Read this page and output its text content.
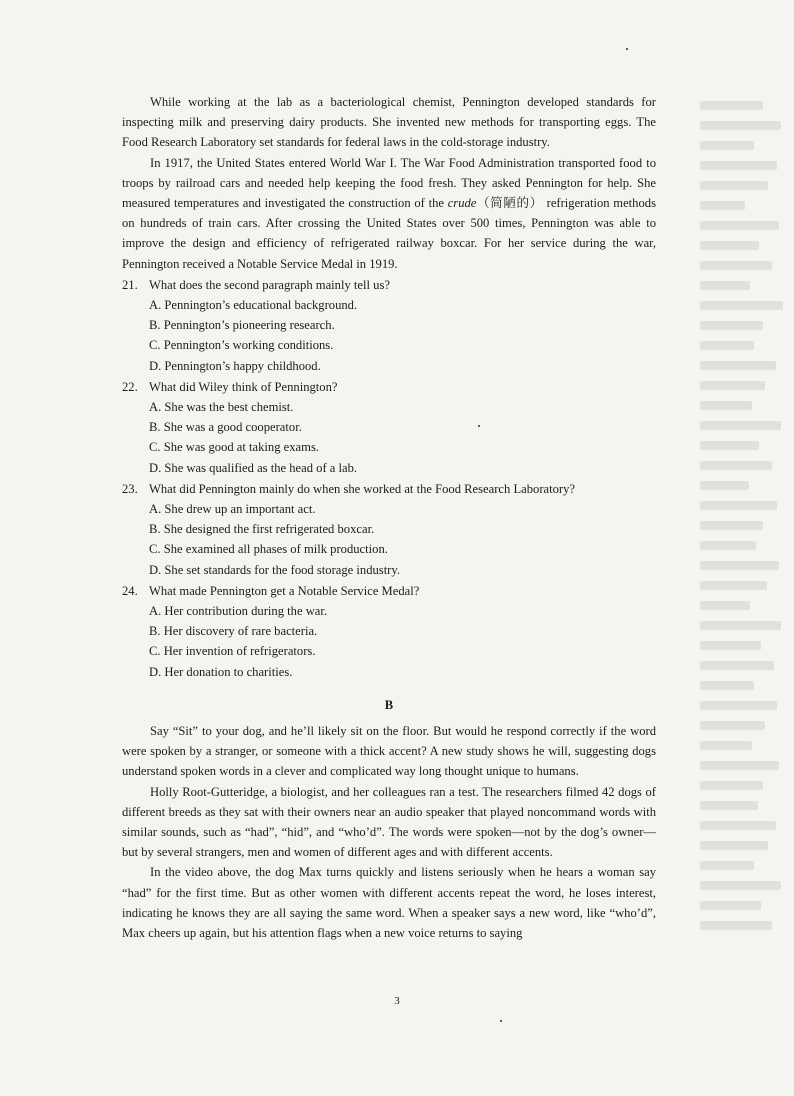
While working at the lab as a bacteriological chemist, Pennington developed standards for inspecting milk and preserving dairy products. She invented new methods for transporting eggs. The Food Research Laboratory set standards for federal laws in the cold-storage industry.

In 1917, the United States entered World War I. The War Food Administration transported food to troops by railroad cars and needed help keeping the food fresh. They asked Pennington for help. She measured temperatures and investigated the construction of the crude（简陋的） refrigeration methods on hundreds of train cars. After crossing the United States over 500 times, Pennington was able to improve the design and efficiency of refrigerated railway boxcar. For her service during the war, Pennington received a Notable Service Medal in 1919.

21. What does the second paragraph mainly tell us?
A. Pennington’s educational background.
B. Pennington’s pioneering research.
C. Pennington’s working conditions.
D. Pennington’s happy childhood.
22. What did Wiley think of Pennington?
A. She was the best chemist.
B. She was a good cooperator.
C. She was good at taking exams.
D. She was qualified as the head of a lab.
23. What did Pennington mainly do when she worked at the Food Research Laboratory?
A. She drew up an important act.
B. She designed the first refrigerated boxcar.
C. She examined all phases of milk production.
D. She set standards for the food storage industry.
24. What made Pennington get a Notable Service Medal?
A. Her contribution during the war.
B. Her discovery of rare bacteria.
C. Her invention of refrigerators.
D. Her donation to charities.
B

Say “Sit” to your dog, and he’ll likely sit on the floor. But would he respond correctly if the word were spoken by a stranger, or someone with a thick accent? A new study shows he will, suggesting dogs understand spoken words in a clever and complicated way long thought unique to humans.

Holly Root-Gutteridge, a biologist, and her colleagues ran a test. The researchers filmed 42 dogs of different breeds as they sat with their owners near an audio speaker that played noncommand words with similar sounds, such as “had”, “hid”, and “who’d”. The words were spoken—not by the dog’s owner—but by several strangers, men and women of different ages and with different accents.

In the video above, the dog Max turns quickly and listens seriously when he hears a woman say “had” for the first time. But as other women with different accents repeat the word, he loses interest, indicating he knows they are all saying the same word. When a speaker says a new word, like “who’d”, Max cheers up again, but his attention flags when a new voice returns to saying

3
